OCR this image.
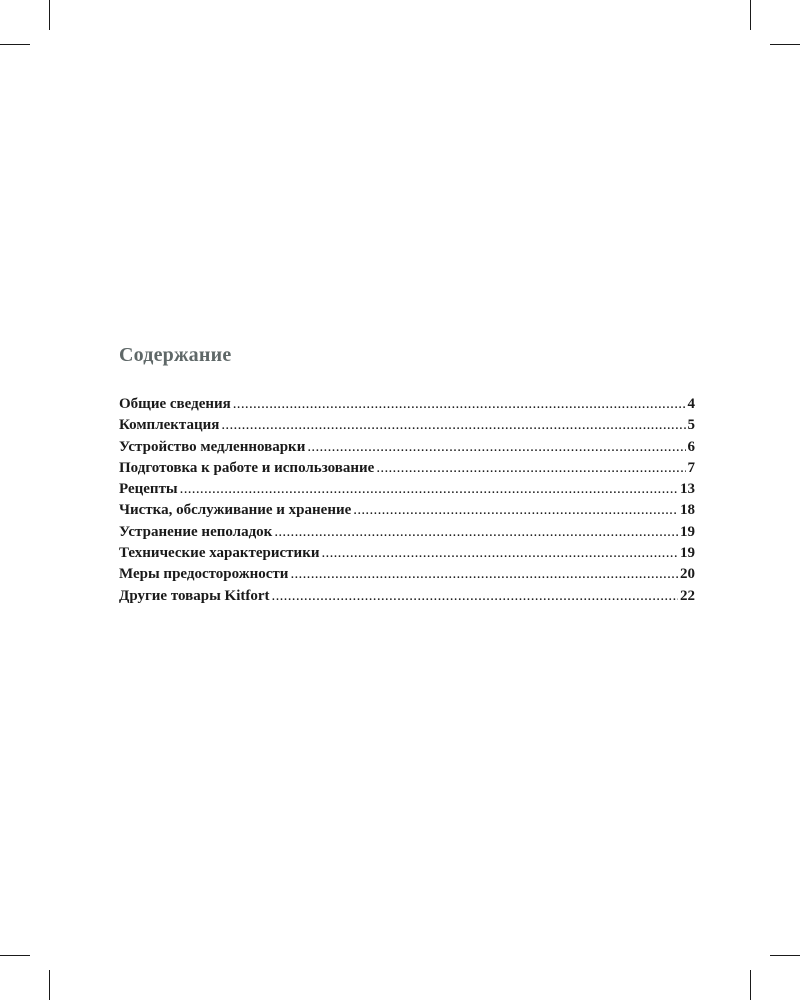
Содержание
Общие сведения .....	4
Комплектация .....	5
Устройство медленноварки .....	6
Подготовка к работе и использование .....	7
Рецепты .....	13
Чистка, обслуживание и хранение .....	18
Устранение неполадок .....	19
Технические характеристики .....	19
Меры предосторожности .....	20
Другие товары Kitfort .....	22
